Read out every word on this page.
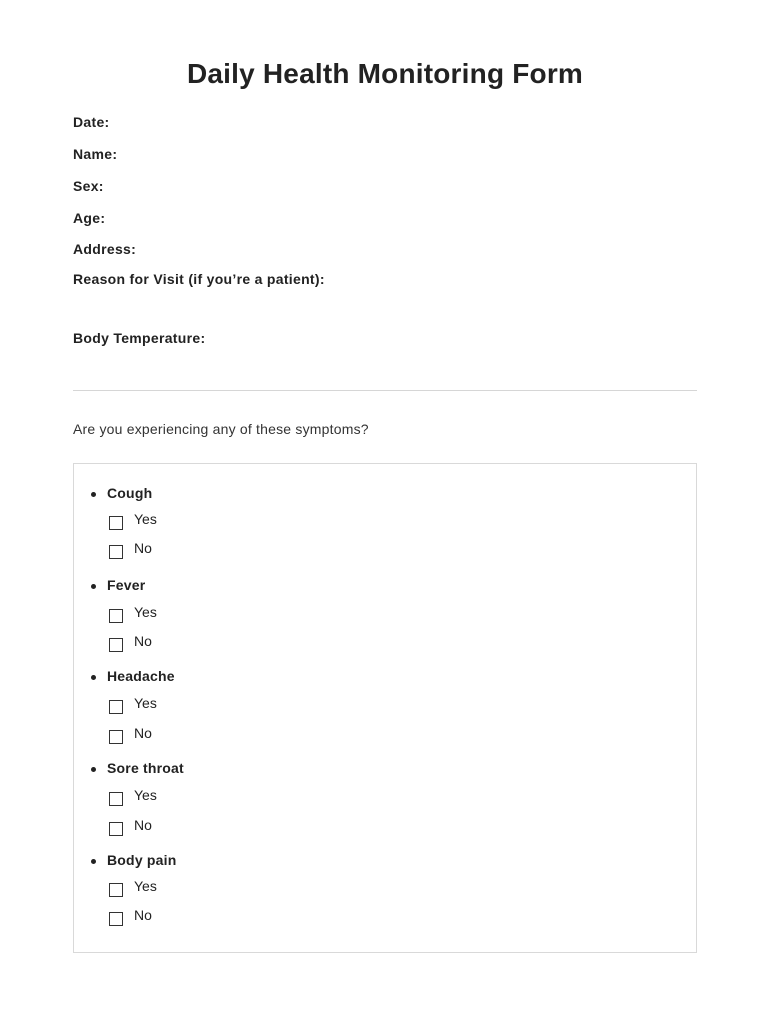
Daily Health Monitoring Form
Date:
Name:
Sex:
Age:
Address:
Reason for Visit (if you’re a patient):
Body Temperature:
Are you experiencing any of these symptoms?
Cough
Yes
No
Fever
Yes
No
Headache
Yes
No
Sore throat
Yes
No
Body pain
Yes
No
